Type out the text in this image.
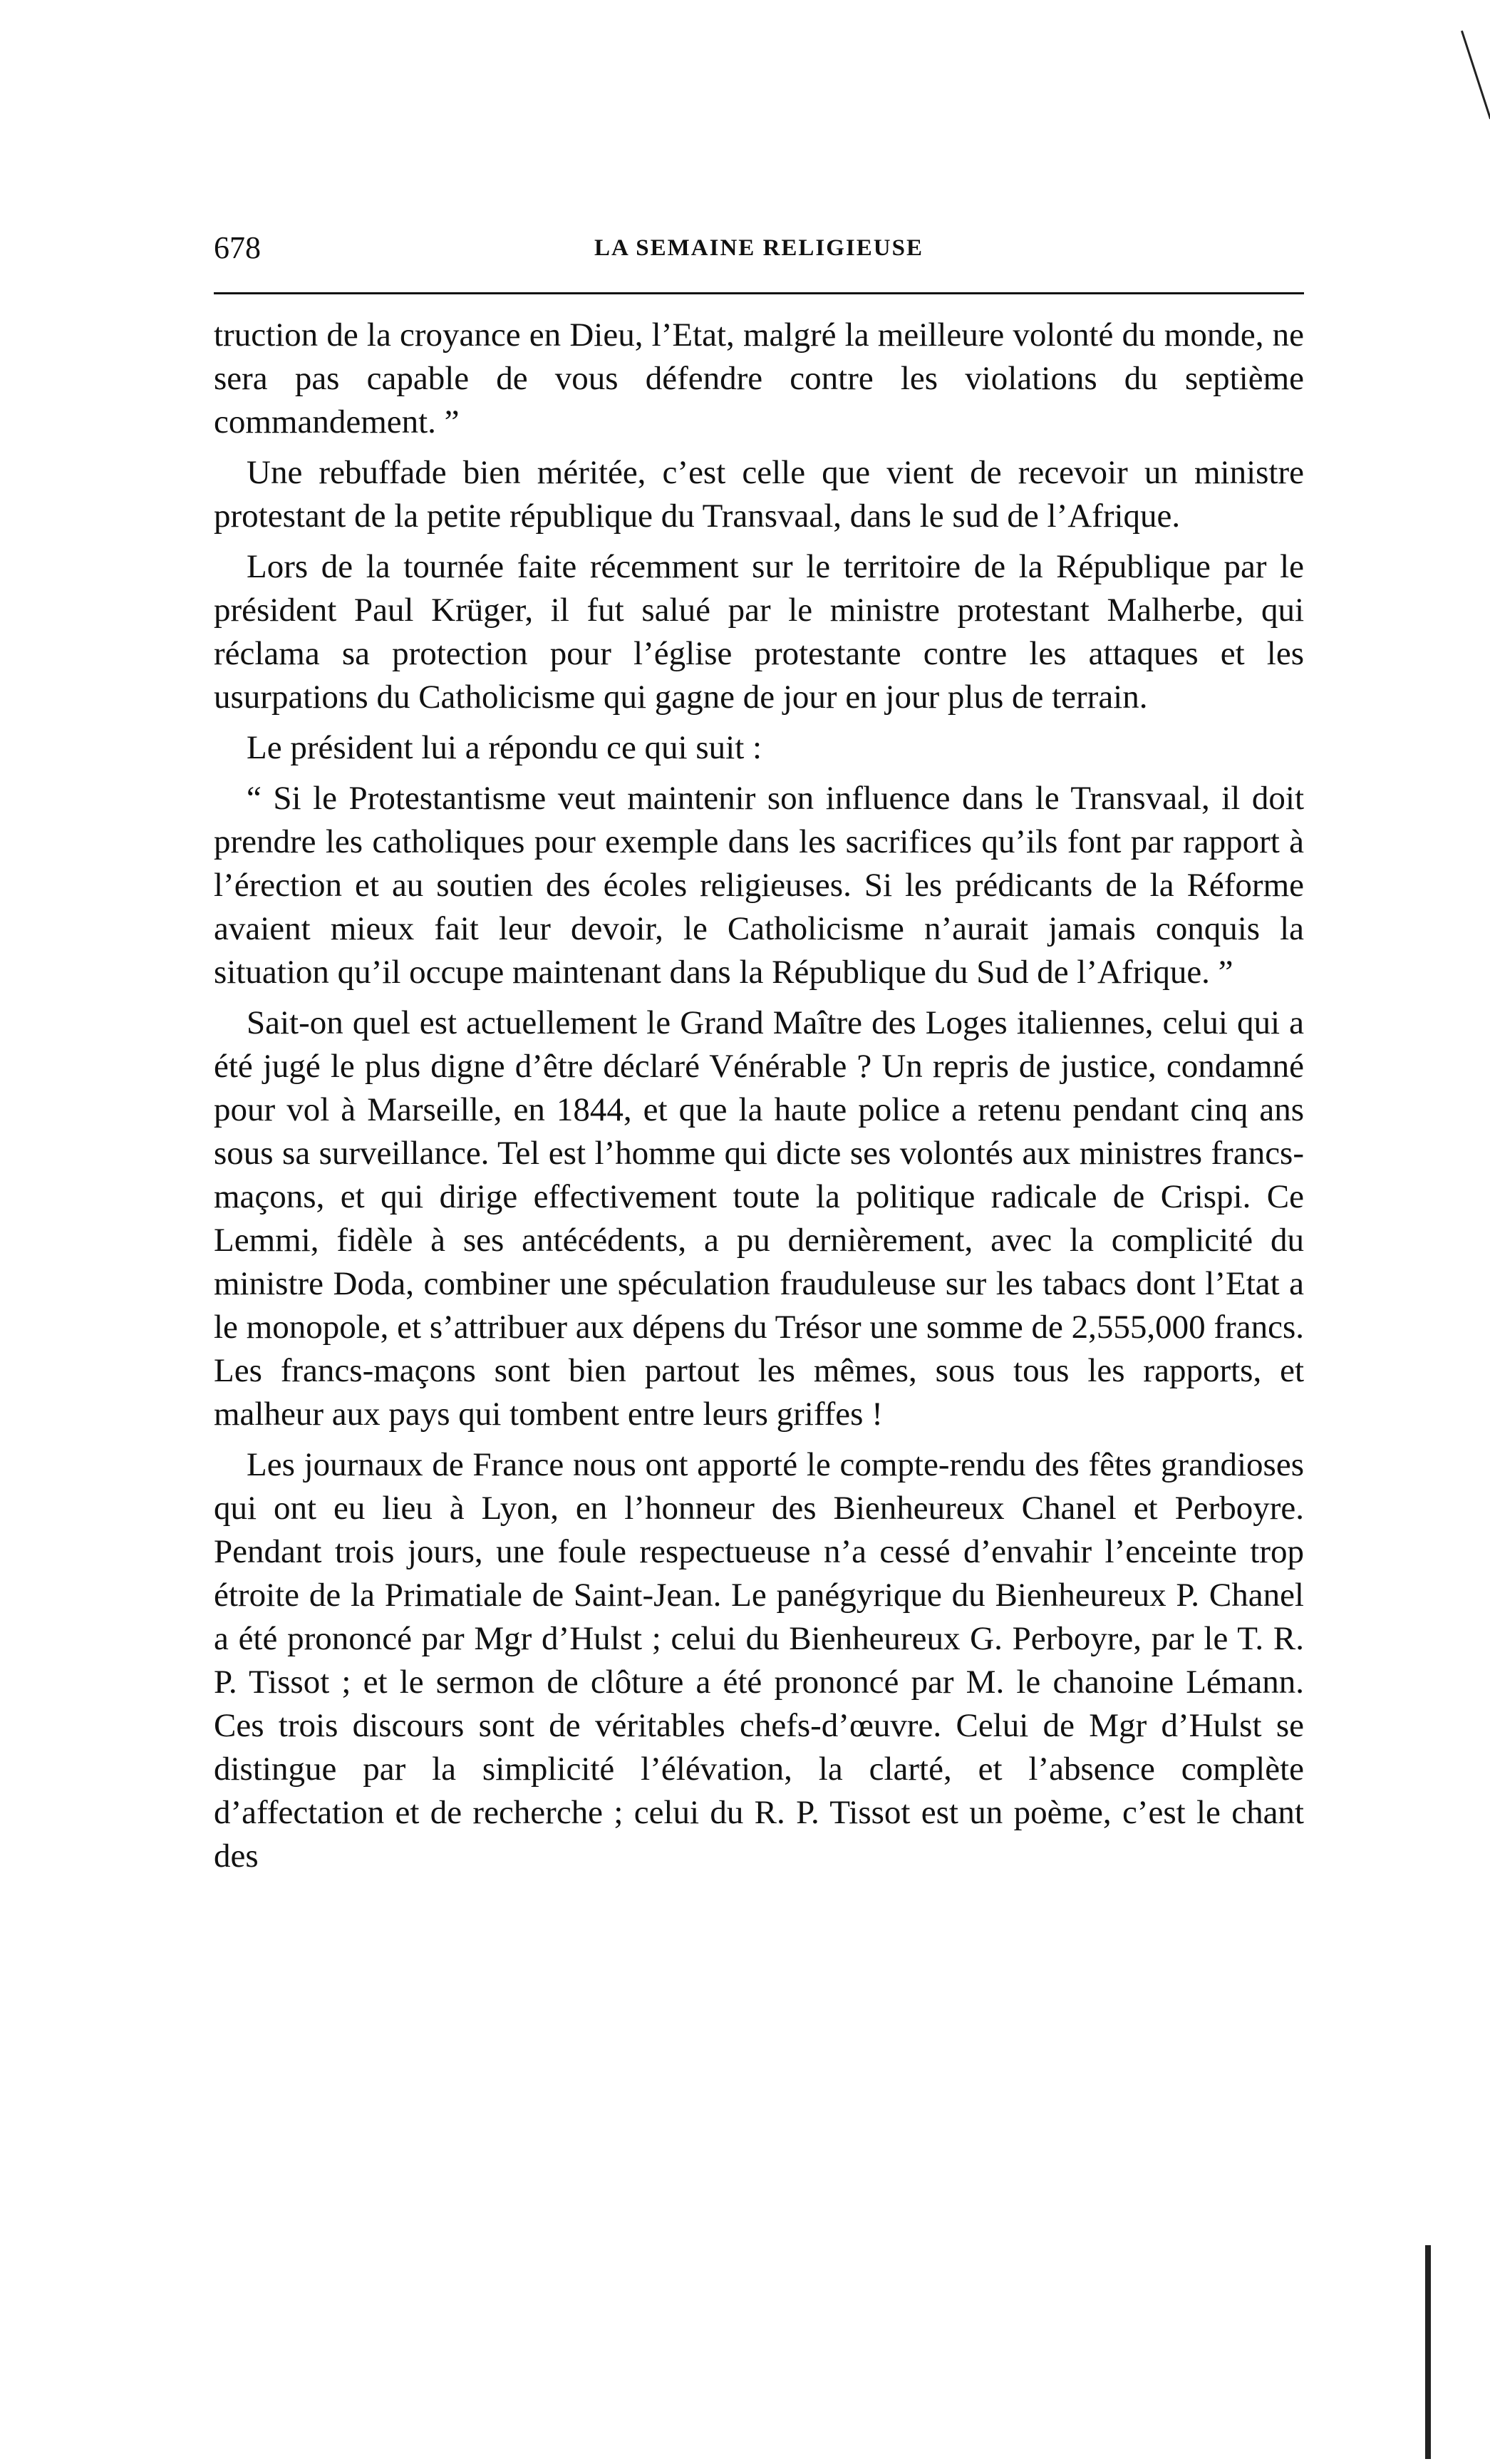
678	LA SEMAINE RELIGIEUSE

truction de la croyance en Dieu, l’Etat, malgré la meilleure volonté du monde, ne sera pas capable de vous défendre contre les violations du septième commandement. ”

Une rebuffade bien méritée, c’est celle que vient de recevoir un ministre protestant de la petite république du Transvaal, dans le sud de l’Afrique.

Lors de la tournée faite récemment sur le territoire de la République par le président Paul Krüger, il fut salué par le ministre protestant Malherbe, qui réclama sa protection pour l’église protestante contre les attaques et les usurpations du Catholicisme qui gagne de jour en jour plus de terrain.

Le président lui a répondu ce qui suit :

“ Si le Protestantisme veut maintenir son influence dans le Transvaal, il doit prendre les catholiques pour exemple dans les sacrifices qu’ils font par rapport à l’érection et au soutien des écoles religieuses. Si les prédicants de la Réforme avaient mieux fait leur devoir, le Catholicisme n’aurait jamais conquis la situation qu’il occupe maintenant dans la République du Sud de l’Afrique. ”

Sait-on quel est actuellement le Grand Maître des Loges italiennes, celui qui a été jugé le plus digne d’être déclaré Vénérable ? Un repris de justice, condamné pour vol à Marseille, en 1844, et que la haute police a retenu pendant cinq ans sous sa surveillance. Tel est l’homme qui dicte ses volontés aux ministres francs-maçons, et qui dirige effectivement toute la politique radicale de Crispi. Ce Lemmi, fidèle à ses antécédents, a pu dernièrement, avec la complicité du ministre Doda, combiner une spéculation frauduleuse sur les tabacs dont l’Etat a le monopole, et s’attribuer aux dépens du Trésor une somme de 2,555,000 francs. Les francs-maçons sont bien partout les mêmes, sous tous les rapports, et malheur aux pays qui tombent entre leurs griffes !

Les journaux de France nous ont apporté le compte-rendu des fêtes grandioses qui ont eu lieu à Lyon, en l’honneur des Bienheureux Chanel et Perboyre. Pendant trois jours, une foule respectueuse n’a cessé d’envahir l’enceinte trop étroite de la Primatiale de Saint-Jean. Le panégyrique du Bienheureux P. Chanel a été prononcé par Mgr d’Hulst ; celui du Bienheureux G. Perboyre, par le T. R. P. Tissot ; et le sermon de clôture a été prononcé par M. le chanoine Lémann. Ces trois discours sont de véritables chefs-d’œuvre. Celui de Mgr d’Hulst se distingue par la simplicité l’élévation, la clarté, et l’absence complète d’affectation et de recherche ; celui du R. P. Tissot est un poème, c’est le chant des
